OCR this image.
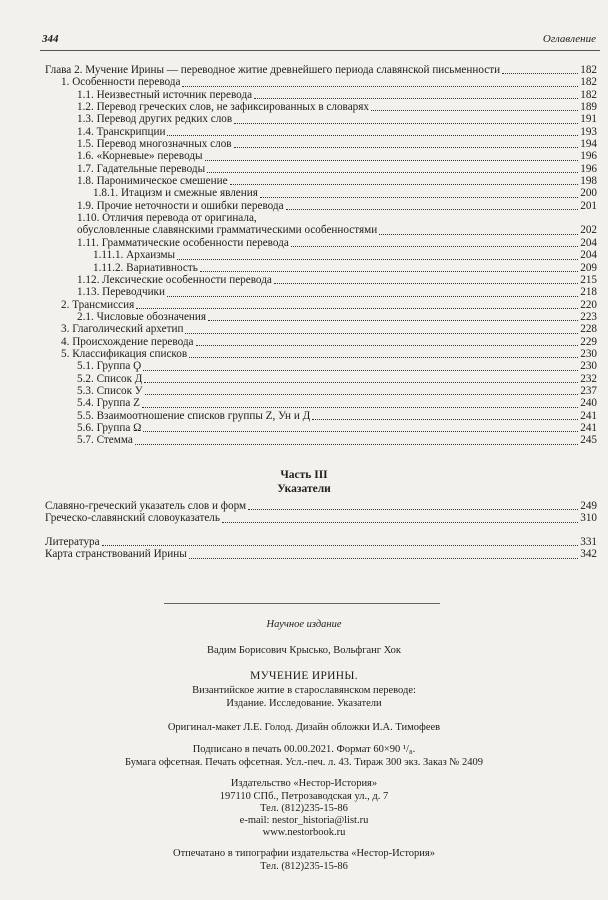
344	Оглавление
Глава 2. Мучение Ирины — переводное житие древнейшего периода славянской письменности	182
1. Особенности перевода	182
1.1. Неизвестный источник перевода	182
1.2. Перевод греческих слов, не зафиксированных в словарях	189
1.3. Перевод других редких слов	191
1.4. Транскрипции	193
1.5. Перевод многозначных слов	194
1.6. «Корневые» переводы	196
1.7. Гадательные переводы	196
1.8. Паронимическое смешение	198
1.8.1. Итацизм и смежные явления	200
1.9. Прочие неточности и ошибки перевода	201
1.10. Отличия перевода от оригинала,
обусловленные славянскими грамматическими особенностями	202
1.11. Грамматические особенности перевода	204
1.11.1. Архаизмы	204
1.11.2. Вариативность	209
1.12. Лексические особенности перевода	215
1.13. Переводчики	218
2. Трансмиссия	220
2.1. Числовые обозначения	223
3. Глаголический архетип	228
4. Происхождение перевода	229
5. Классификация списков	230
5.1. Группа Ϙ	230
5.2. Список Д	232
5.3. Список У	237
5.4. Группа Z	240
5.5. Взаимоотношение списков группы Z, Ун и Д	241
5.6. Группа Ω	241
5.7. Стемма	245
Часть III
Указатели
Славяно-греческий указатель слов и форм	249
Греческо-славянский словоуказатель	310
Литература	331
Карта странствований Ирины	342
Научное издание
Вадим Борисович Крысько, Вольфганг Хок
МУЧЕНИЕ ИРИНЫ.
Византийское житие в старославянском переводе:
Издание. Исследование. Указатели
Оригинал-макет Л.Е. Голод. Дизайн обложки И.А. Тимофеев
Подписано в печать 00.00.2021. Формат 60×90 ¹/₈.
Бумага офсетная. Печать офсетная. Усл.-печ. л. 43. Тираж 300 экз. Заказ № 2409
Издательство «Нестор-История»
197110 СПб., Петрозаводская ул., д. 7
Тел. (812)235-15-86
e-mail: nestor_historia@list.ru
www.nestorbook.ru
Отпечатано в типографии издательства «Нестор-История»
Тел. (812)235-15-86
